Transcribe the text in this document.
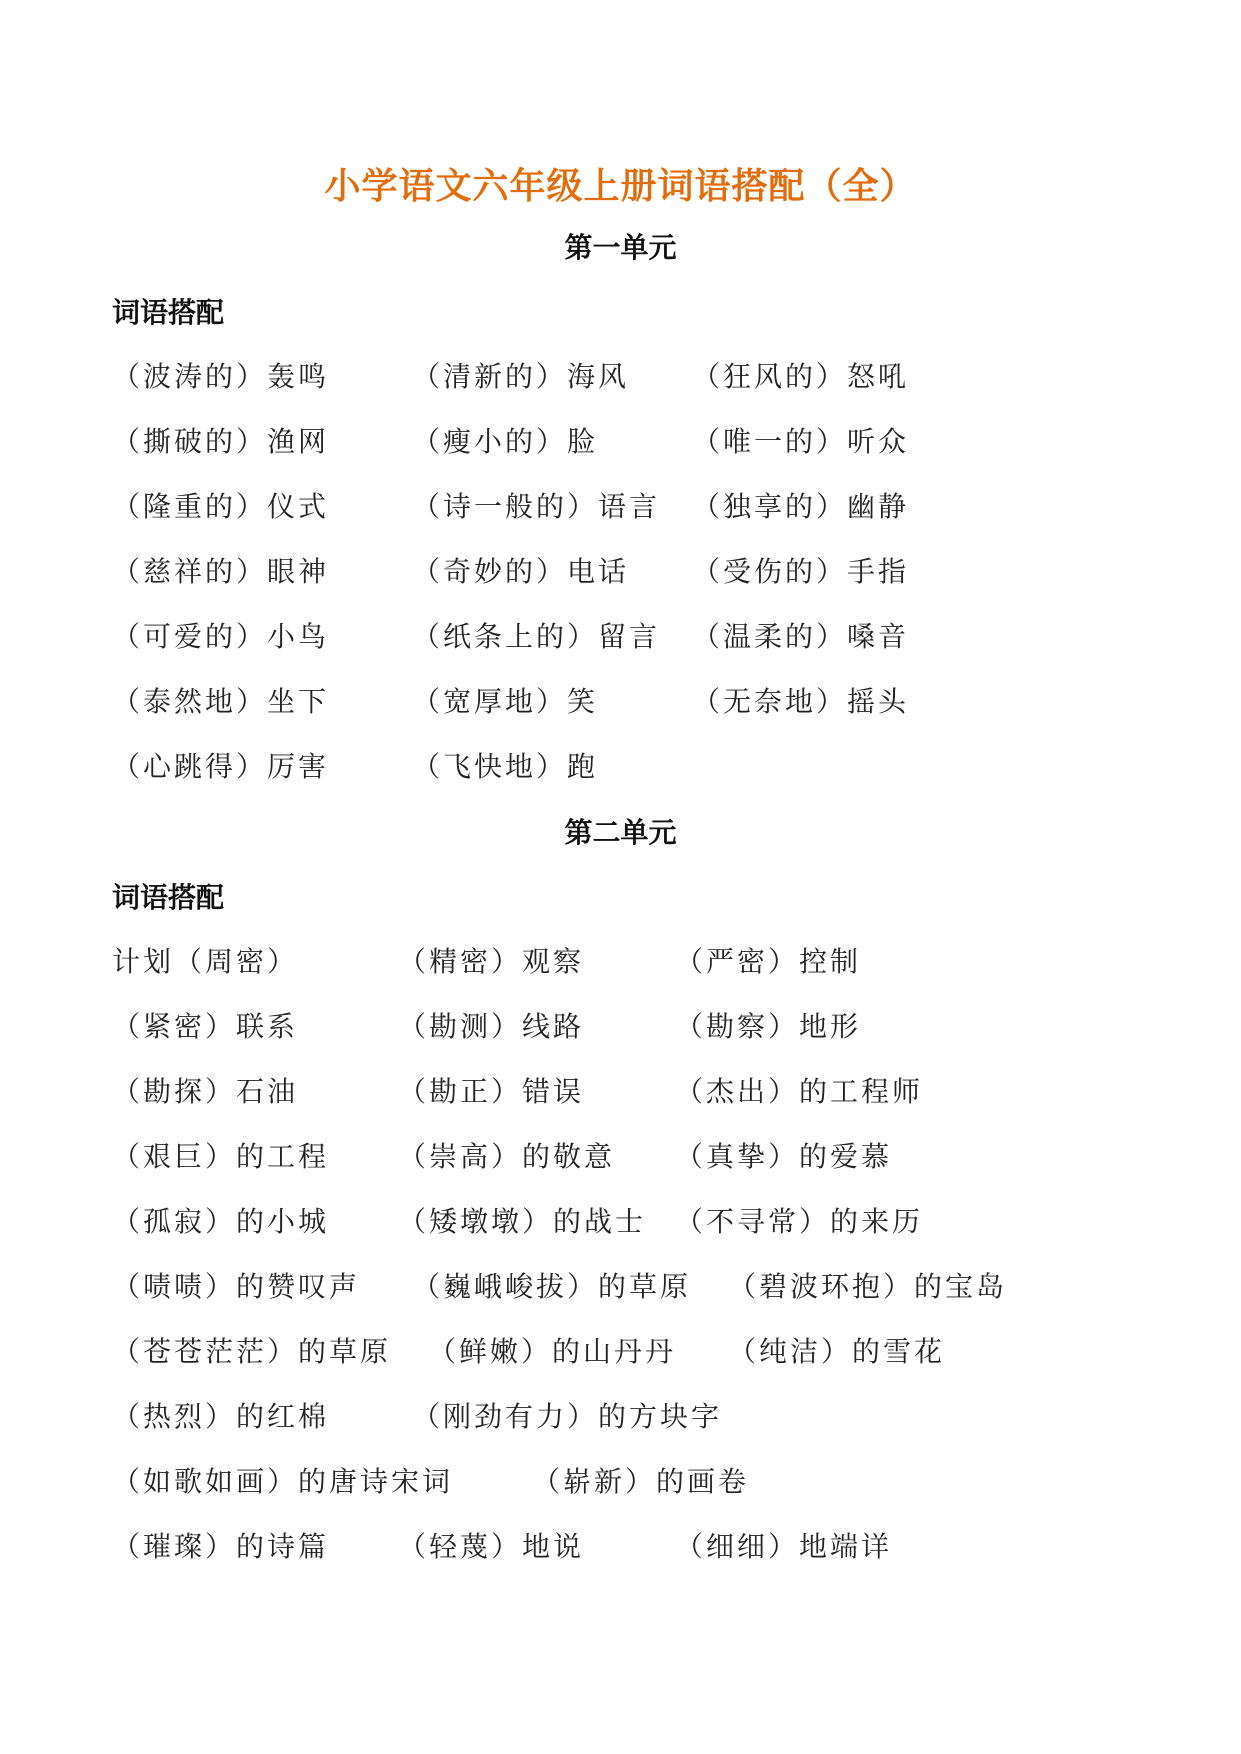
小学语文六年级上册词语搭配（全）
第一单元
词语搭配
（波涛的）轰鸣	（清新的）海风 （狂风的）怒吼
（撕破的）渔网	（瘦小的）脸	（唯一的）听众
（隆重的）仪式	（诗一般的）语言 （独享的）幽静
（慈祥的）眼神	（奇妙的）电话 （受伤的）手指
（可爱的）小鸟	（纸条上的）留言 （温柔的）嗓音
（泰然地）坐下	（宽厚地）笑	（无奈地）摇头
（心跳得）厉害	（飞快地）跑
第二单元
词语搭配
计划（周密）	（精密）观察	（严密）控制
（紧密）联系	（勘测）线路	（勘察）地形
（勘探）石油	（勘正）错误	（杰出）的工程师
（艰巨）的工程 （崇高）的敬意 （真挚）的爱慕
（孤寂）的小城 （矮墩墩）的战士 （不寻常）的来历
（啧啧）的赞叹声 （巍峨峻拔）的草原 （碧波环抱）的宝岛
（苍苍茫茫）的草原 （鲜嫩）的山丹丹 （纯洁）的雪花
（热烈）的红棉	（刚劲有力）的方块字
（如歌如画）的唐诗宋词	（崭新）的画卷
（璀璨）的诗篇 （轻蔑）地说	（细细）地端详
